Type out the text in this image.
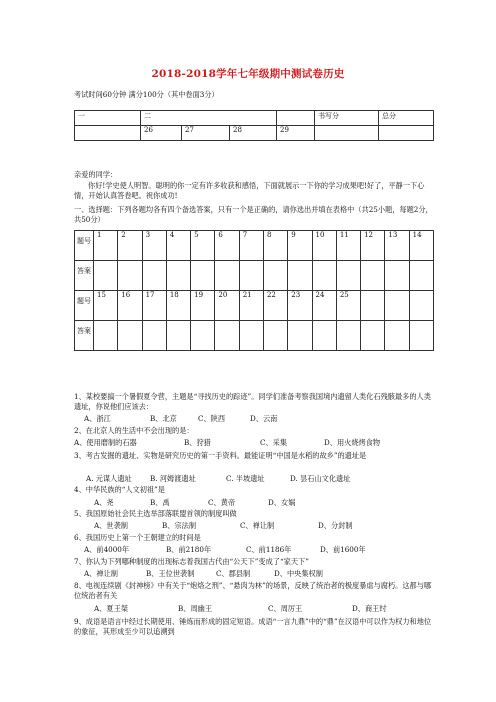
2018-2018学年七年级期中测试卷历史
考试时间60分钟 满分100分（其中卷面3分）
一	二				书写分	总分
	26	27	28	29		
亲爱的同学：
你好!学史使人明智。聪明的你一定有许多收获和感悟，下面就展示一下你的学习成果吧!好了，平静一下心情，开始认真答卷吧。祝你成功!
一、选择题：下列各题均各有四个备选答案，只有一个是正确的，请你选出并填在表格中（共25小题，每题2分，共50分）
题号	1	2	3	4	5	6	7	8	9	10	11	12	13	14
答案														
题号	15	16	17	18	19	20	21	22	23	24	25			
答案														
1、某校要搞一个暑假夏令营，主题是“寻找历史的踪迹”。同学们准备考察我国境内遗留人类化石残骸最多的人类遗址，你说他们应该去：
A、浙江	B、北京	C、陕西	D、云南
2、在北京人的生活中不会出现的是：
A、使用磨制的石器	B、狩猎	C、采集	D、用火烧烤食物
3、考古发掘的遗址、实物是研究历史的第一手资料。最能证明“中国是水稻的故乡”的遗址是
A. 元谋人遗址	B. 河姆渡遗址	C. 半坡遗址	D. 昙石山文化遗址
4、中华民族的“人文初祖”是
A、尧	B、禹	C、黄帝	D、女娲
5、我国原始社会民主选举部落联盟首领的制度叫做
A、世袭制	B、宗法制	C、禅让制	D、分封制
6、我国历史上第一个王朝建立的时间是
A、前4000年	B、前2180年	C、前1186年	D、前1600年
7、你认为下列哪种制度的出现标志着我国古代由“公天下”变成了“家天下”
A、禅让制	B、王位世袭制	C、郡县制	D、中央集权制
8、电视连续剧《封神榜》中有关于“炮烙之刑”、“悬肉为林”的场景，反映了统治者的极度暴虐与腐朽。这都与哪位统治者有关
A、夏王桀	B、周幽王	C、周厉王	D、商王纣
9、成语是语言中经过长期使用、锤炼而形成的固定短语。成语“一言九鼎”中的“鼎”在汉语中可以作为权力和地位的象征，其形成至少可以追溯到
